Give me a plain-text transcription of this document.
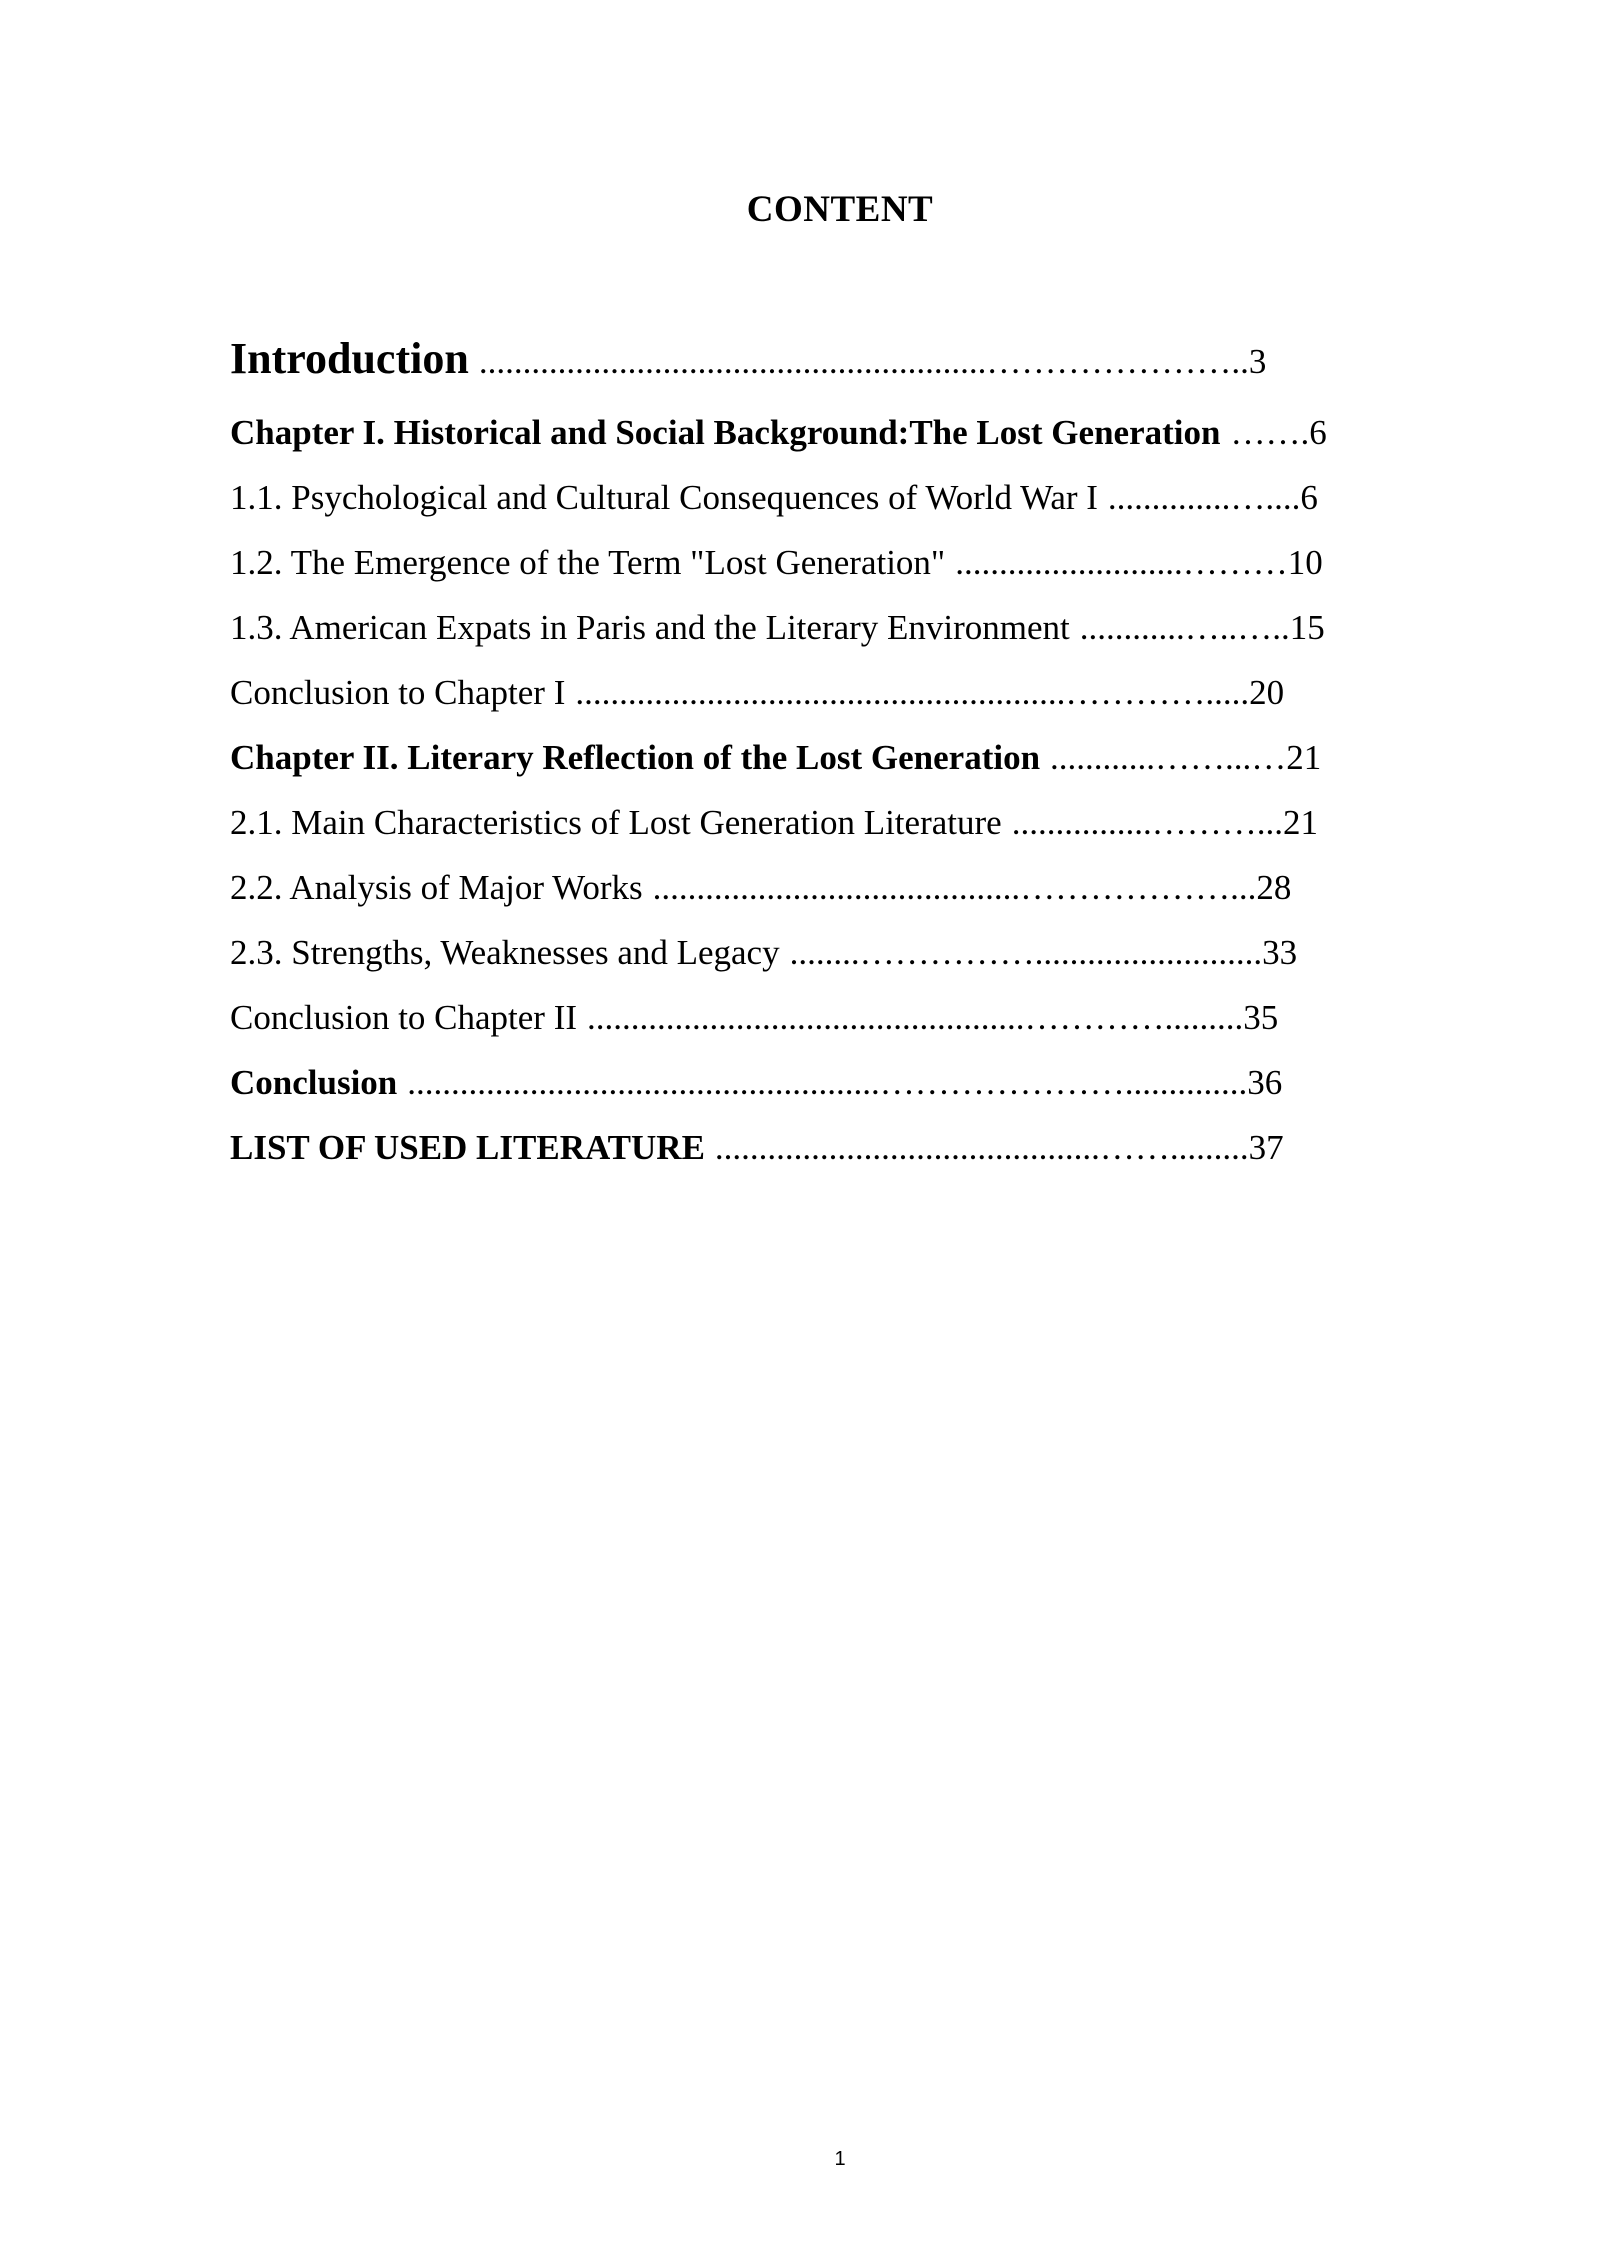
CONTENT
Introduction ..........................................................………………….. 3
Chapter I. Historical and Social Background:The Lost Generation ……. 6
1.1. Psychological and Cultural Consequences of World War I ..............….... 6
1.2. The Emergence of the Term "Lost Generation" ..........................……… 10
1.3. American Expats in Paris and the Literary Environment ............…..….. 15
Conclusion to Chapter I ........................................................…………..... 20
Chapter II. Literary Reflection of the Lost Generation ............……...… 21
2.1. Main Characteristics of Lost Generation Literature ................………... 21
2.2. Analysis of Major Works ..........................................………………... 28
2.3. Strengths, Weaknesses and Legacy ........…………….......................... 33
Conclusion to Chapter II ..................................................…………......... 35
Conclusion ......................................................………………….............. 36
LIST OF USED LITERATURE ............................................……......... 37
1
